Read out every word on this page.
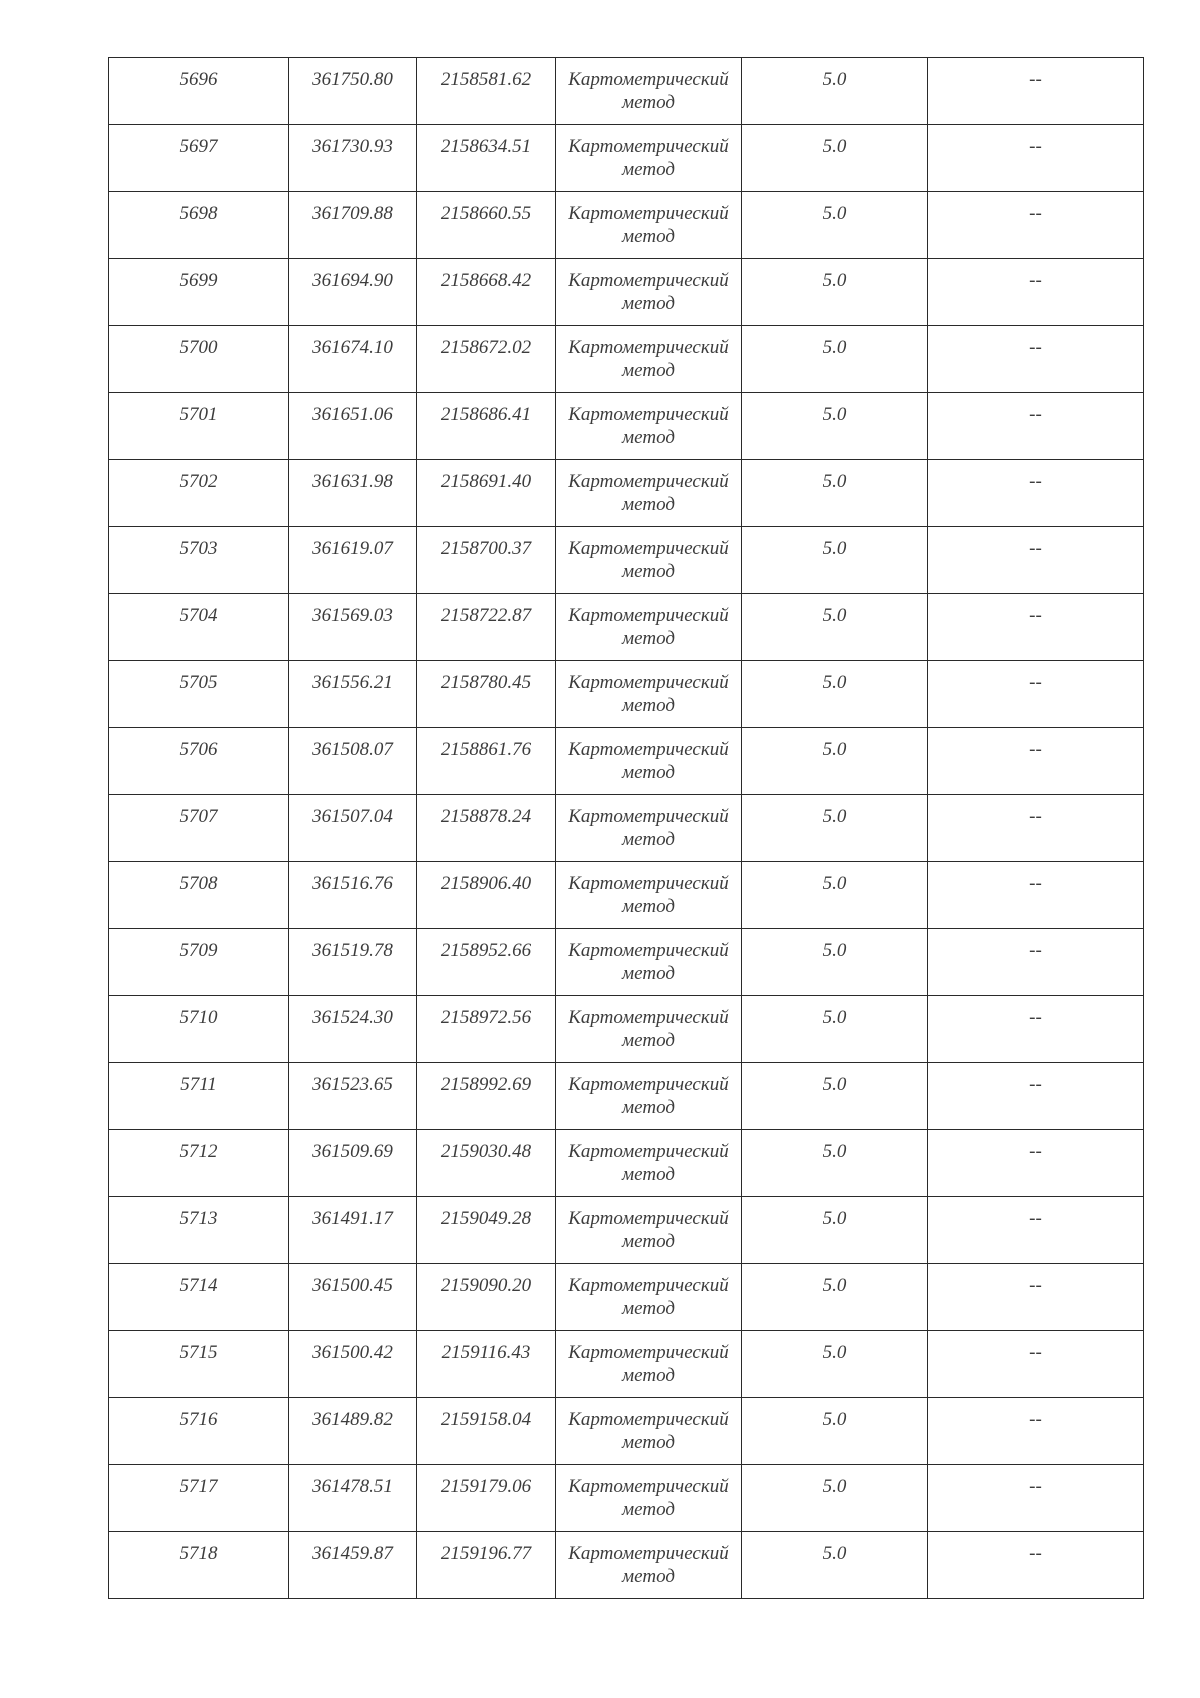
5696	361750.80	2158581.62	Картометрический метод	5.0	--

5697	361730.93	2158634.51	Картометрический метод	5.0	--

5698	361709.88	2158660.55	Картометрический метод	5.0	--

5699	361694.90	2158668.42	Картометрический метод	5.0	--

5700	361674.10	2158672.02	Картометрический метод	5.0	--

5701	361651.06	2158686.41	Картометрический метод	5.0	--

5702	361631.98	2158691.40	Картометрический метод	5.0	--

5703	361619.07	2158700.37	Картометрический метод	5.0	--

5704	361569.03	2158722.87	Картометрический метод	5.0	--

5705	361556.21	2158780.45	Картометрический метод	5.0	--

5706	361508.07	2158861.76	Картометрический метод	5.0	--

5707	361507.04	2158878.24	Картометрический метод	5.0	--

5708	361516.76	2158906.40	Картометрический метод	5.0	--

5709	361519.78	2158952.66	Картометрический метод	5.0	--

5710	361524.30	2158972.56	Картометрический метод	5.0	--

5711	361523.65	2158992.69	Картометрический метод	5.0	--

5712	361509.69	2159030.48	Картометрический метод	5.0	--

5713	361491.17	2159049.28	Картометрический метод	5.0	--

5714	361500.45	2159090.20	Картометрический метод	5.0	--

5715	361500.42	2159116.43	Картометрический метод	5.0	--

5716	361489.82	2159158.04	Картометрический метод	5.0	--

5717	361478.51	2159179.06	Картометрический метод	5.0	--

5718	361459.87	2159196.77	Картометрический метод	5.0	--
